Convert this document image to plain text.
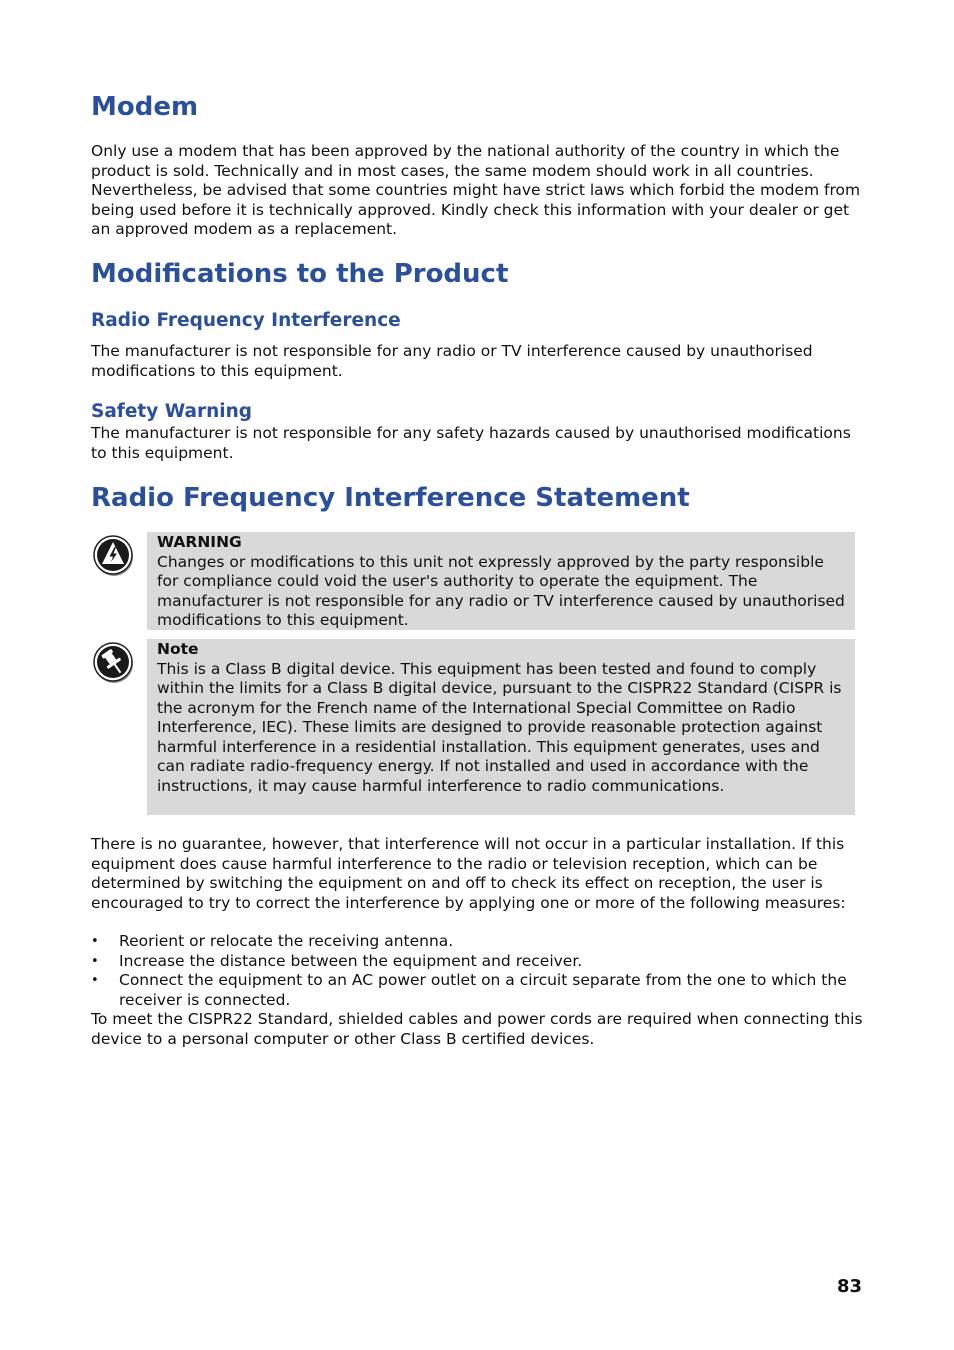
Modem

Only use a modem that has been approved by the national authority of the country in which the product is sold. Technically and in most cases, the same modem should work in all countries. Nevertheless, be advised that some countries might have strict laws which forbid the modem from being used before it is technically approved. Kindly check this information with your dealer or get an approved modem as a replacement.

Modifications to the Product
Radio Frequency Interference

The manufacturer is not responsible for any radio or TV interference caused by unauthorised modifications to this equipment.

Safety Warning

The manufacturer is not responsible for any safety hazards caused by unauthorised modifications to this equipment.

Radio Frequency Interference Statement
WARNING
Changes or modifications to this unit not expressly approved by the party responsible for compliance could void the user's authority to operate the equipment. The manufacturer is not responsible for any radio or TV interference caused by unauthorised modifications to this equipment.
Note
This is a Class B digital device. This equipment has been tested and found to comply within the limits for a Class B digital device, pursuant to the CISPR22 Standard (CISPR is the acronym for the French name of the International Special Committee on Radio Interference, IEC). These limits are designed to provide reasonable protection against harmful interference in a residential installation. This equipment generates, uses and can radiate radio-frequency energy. If not installed and used in accordance with the instructions, it may cause harmful interference to radio communications.

There is no guarantee, however, that interference will not occur in a particular installation. If this equipment does cause harmful interference to the radio or television reception, which can be determined by switching the equipment on and off to check its effect on reception, the user is encouraged to try to correct the interference by applying one or more of the following measures:

• Reorient or relocate the receiving antenna.
• Increase the distance between the equipment and receiver.
• Connect the equipment to an AC power outlet on a circuit separate from the one to which the receiver is connected.

To meet the CISPR22 Standard, shielded cables and power cords are required when connecting this device to a personal computer or other Class B certified devices.

83
